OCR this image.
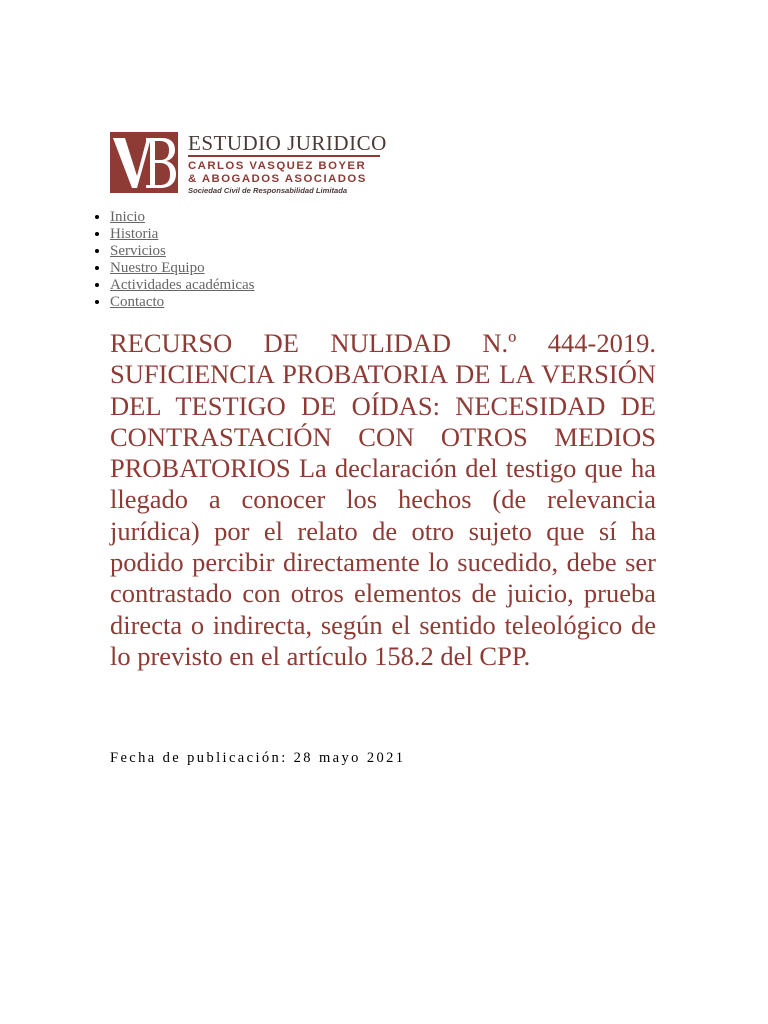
ESTUDIO JURIDICO
CARLOS VASQUEZ BOYER
& ABOGADOS ASOCIADOS
Sociedad Civil de Responsabilidad Limitada
• Inicio
• Historia
• Servicios
• Nuestro Equipo
• Actividades académicas
• Contacto
RECURSO DE NULIDAD N.º 444-2019. SUFICIENCIA PROBATORIA DE LA VERSIÓN DEL TESTIGO DE OÍDAS: NECESIDAD DE CONTRASTACIÓN CON OTROS MEDIOS PROBATORIOS La declaración del testigo que ha llegado a conocer los hechos (de relevancia jurídica) por el relato de otro sujeto que sí ha podido percibir directamente lo sucedido, debe ser contrastado con otros elementos de juicio, prueba directa o indirecta, según el sentido teleológico de lo previsto en el artículo 158.2 del CPP.
Fecha de publicación: 28 mayo 2021
